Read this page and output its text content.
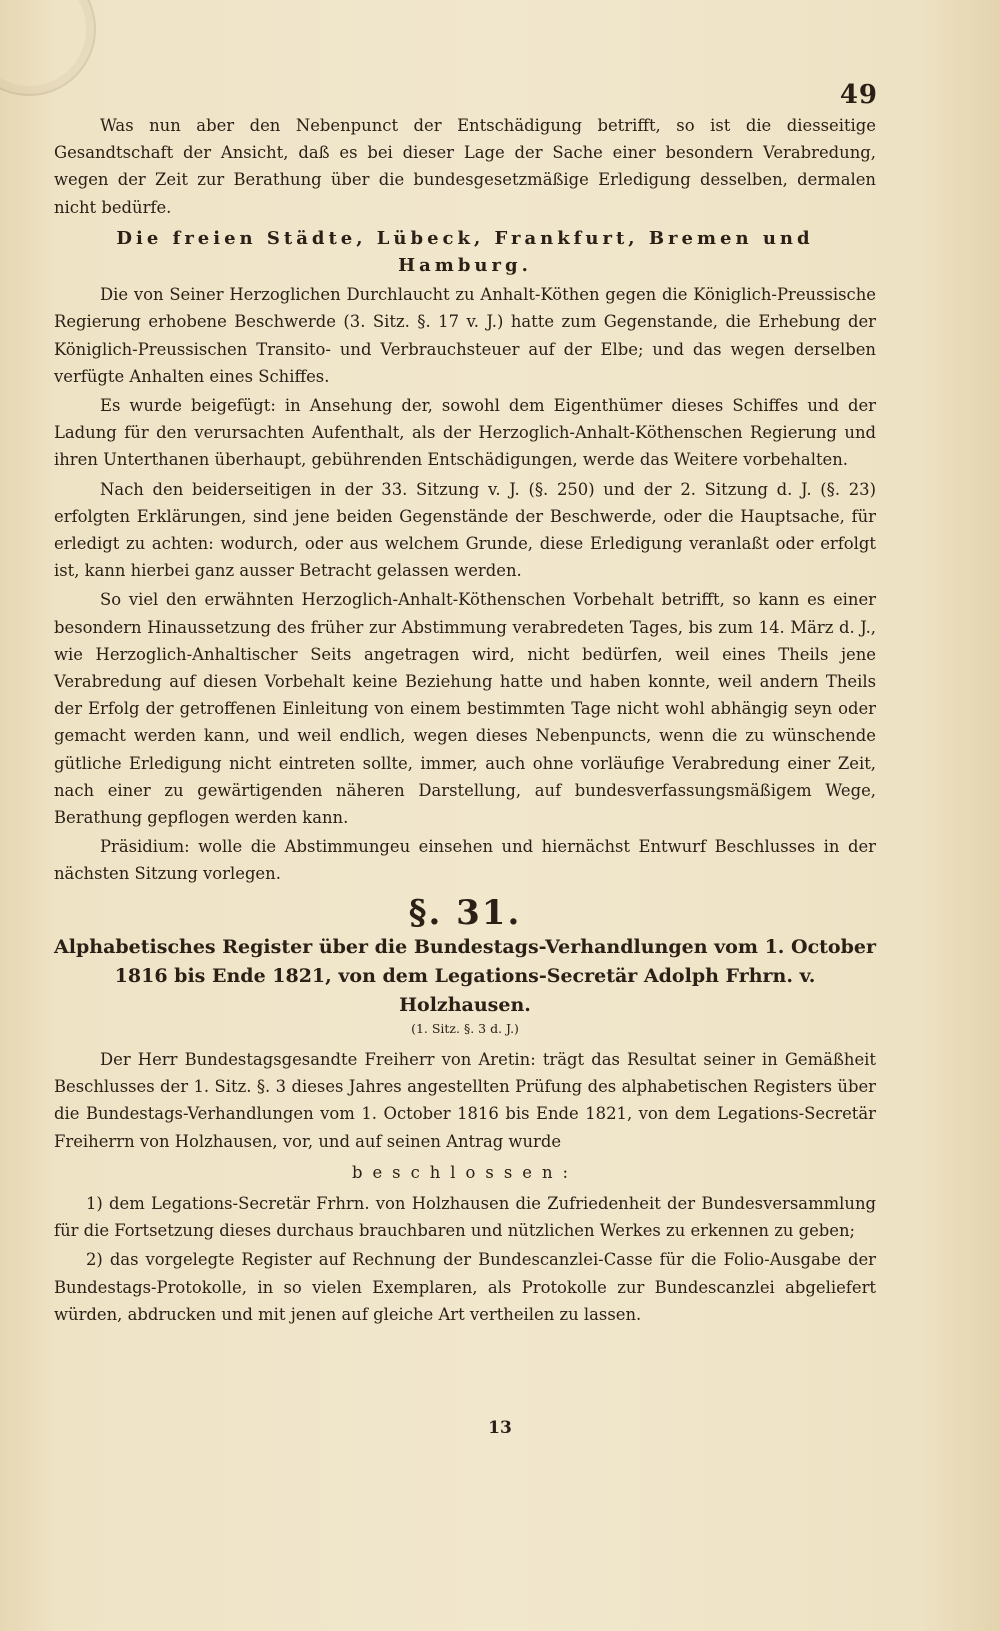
49

Was nun aber den Nebenpunct der Entschädigung betrifft, so ist die diesseitige Gesandtschaft der Ansicht, daß es bei dieser Lage der Sache einer besondern Verabredung, wegen der Zeit zur Berathung über die bundesgesetzmäßige Erledigung desselben, dermalen nicht bedürfe.

Die freien Städte, Lübeck, Frankfurt, Bremen und Hamburg.

Die von Seiner Herzoglichen Durchlaucht zu Anhalt-Köthen gegen die Königlich-Preussische Regierung erhobene Beschwerde (3. Sitz. §. 17 v. J.) hatte zum Gegenstande, die Erhebung der Königlich-Preussischen Transito- und Verbrauchsteuer auf der Elbe; und das wegen derselben verfügte Anhalten eines Schiffes.

Es wurde beigefügt: in Ansehung der, sowohl dem Eigenthümer dieses Schiffes und der Ladung für den verursachten Aufenthalt, als der Herzoglich-Anhalt-Köthenschen Regierung und ihren Unterthanen überhaupt, gebührenden Entschädigungen, werde das Weitere vorbehalten.

Nach den beiderseitigen in der 33. Sitzung v. J. (§. 250) und der 2. Sitzung d. J. (§. 23) erfolgten Erklärungen, sind jene beiden Gegenstände der Beschwerde, oder die Hauptsache, für erledigt zu achten: wodurch, oder aus welchem Grunde, diese Erledigung veranlaßt oder erfolgt ist, kann hierbei ganz ausser Betracht gelassen werden.

So viel den erwähnten Herzoglich-Anhalt-Köthenschen Vorbehalt betrifft, so kann es einer besondern Hinaussetzung des früher zur Abstimmung verabredeten Tages, bis zum 14. März d. J., wie Herzoglich-Anhaltischer Seits angetragen wird, nicht bedürfen, weil eines Theils jene Verabredung auf diesen Vorbehalt keine Beziehung hatte und haben konnte, weil andern Theils der Erfolg der getroffenen Einleitung von einem bestimmten Tage nicht wohl abhängig seyn oder gemacht werden kann, und weil endlich, wegen dieses Nebenpuncts, wenn die zu wünschende gütliche Erledigung nicht eintreten sollte, immer, auch ohne vorläufige Verabredung einer Zeit, nach einer zu gewärtigenden näheren Darstellung, auf bundesverfassungsmäßigem Wege, Berathung gepflogen werden kann.

Präsidium: wolle die Abstimmungeu einsehen und hiernächst Entwurf Beschlusses in der nächsten Sitzung vorlegen.

§. 31.

Alphabetisches Register über die Bundestags-Verhandlungen vom 1. October 1816 bis Ende 1821, von dem Legations-Secretär Adolph Frhrn. v. Holzhausen.

(1. Sitz. §. 3 d. J.)

Der Herr Bundestagsgesandte Freiherr von Aretin: trägt das Resultat seiner in Gemäßheit Beschlusses der 1. Sitz. §. 3 dieses Jahres angestellten Prüfung des alphabetischen Registers über die Bundestags-Verhandlungen vom 1. October 1816 bis Ende 1821, von dem Legations-Secretär Freiherrn von Holzhausen, vor, und auf seinen Antrag wurde

beschlossen:

1) dem Legations-Secretär Frhrn. von Holzhausen die Zufriedenheit der Bundesversammlung für die Fortsetzung dieses durchaus brauchbaren und nützlichen Werkes zu erkennen zu geben;

2) das vorgelegte Register auf Rechnung der Bundescanzlei-Casse für die Folio-Ausgabe der Bundestags-Protokolle, in so vielen Exemplaren, als Protokolle zur Bundescanzlei abgeliefert würden, abdrucken und mit jenen auf gleiche Art vertheilen zu lassen.

13
